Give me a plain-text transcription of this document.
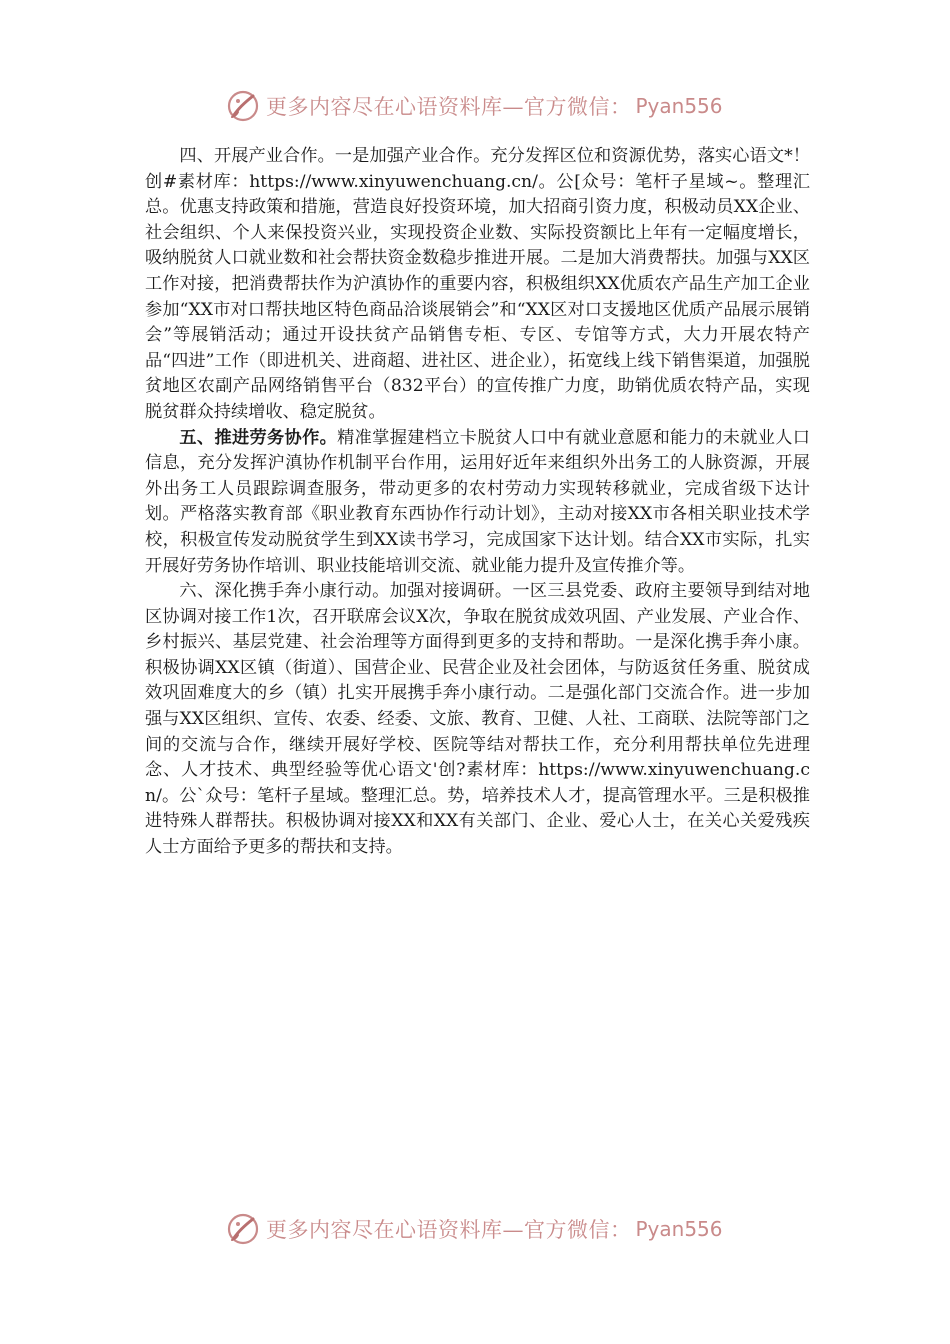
更多内容尽在心语资料库—官方微信： Pyan556

四、开展产业合作。一是加强产业合作。充分发挥区位和资源优势，落实心语文*！创#素材库：https://www.xinyuwenchuang.cn/。公[众号：笔杆子星域~。整理汇总。优惠支持政策和措施，营造良好投资环境，加大招商引资力度，积极动员XX企业、社会组织、个人来保投资兴业，实现投资企业数、实际投资额比上年有一定幅度增长，吸纳脱贫人口就业数和社会帮扶资金数稳步推进开展。二是加大消费帮扶。加强与XX区工作对接，把消费帮扶作为沪滇协作的重要内容，积极组织XX优质农产品生产加工企业参加“XX市对口帮扶地区特色商品洽谈展销会”和“XX区对口支援地区优质产品展示展销会”等展销活动；通过开设扶贫产品销售专柜、专区、专馆等方式，大力开展农特产品“四进”工作（即进机关、进商超、进社区、进企业），拓宽线上线下销售渠道，加强脱贫地区农副产品网络销售平台（832平台）的宣传推广力度，助销优质农特产品，实现脱贫群众持续增收、稳定脱贫。

五、推进劳务协作。精准掌握建档立卡脱贫人口中有就业意愿和能力的未就业人口信息，充分发挥沪滇协作机制平台作用，运用好近年来组织外出务工的人脉资源，开展外出务工人员跟踪调查服务，带动更多的农村劳动力实现转移就业，完成省级下达计划。严格落实教育部《职业教育东西协作行动计划》，主动对接XX市各相关职业技术学校，积极宣传发动脱贫学生到XX读书学习，完成国家下达计划。结合XX市实际，扎实开展好劳务协作培训、职业技能培训交流、就业能力提升及宣传推介等。

六、深化携手奔小康行动。加强对接调研。一区三县党委、政府主要领导到结对地区协调对接工作1次，召开联席会议X次，争取在脱贫成效巩固、产业发展、产业合作、乡村振兴、基层党建、社会治理等方面得到更多的支持和帮助。一是深化携手奔小康。积极协调XX区镇（街道）、国营企业、民营企业及社会团体，与防返贫任务重、脱贫成效巩固难度大的乡（镇）扎实开展携手奔小康行动。二是强化部门交流合作。进一步加强与XX区组织、宣传、农委、经委、文旅、教育、卫健、人社、工商联、法院等部门之间的交流与合作，继续开展好学校、医院等结对帮扶工作，充分利用帮扶单位先进理念、人才技术、典型经验等优心语文'创?素材库：https://www.xinyuwenchuang.cn/。公`众号：笔杆子星域。整理汇总。势，培养技术人才，提高管理水平。三是积极推进特殊人群帮扶。积极协调对接XX和XX有关部门、企业、爱心人士，在关心关爱残疾人士方面给予更多的帮扶和支持。

更多内容尽在心语资料库—官方微信： Pyan556
